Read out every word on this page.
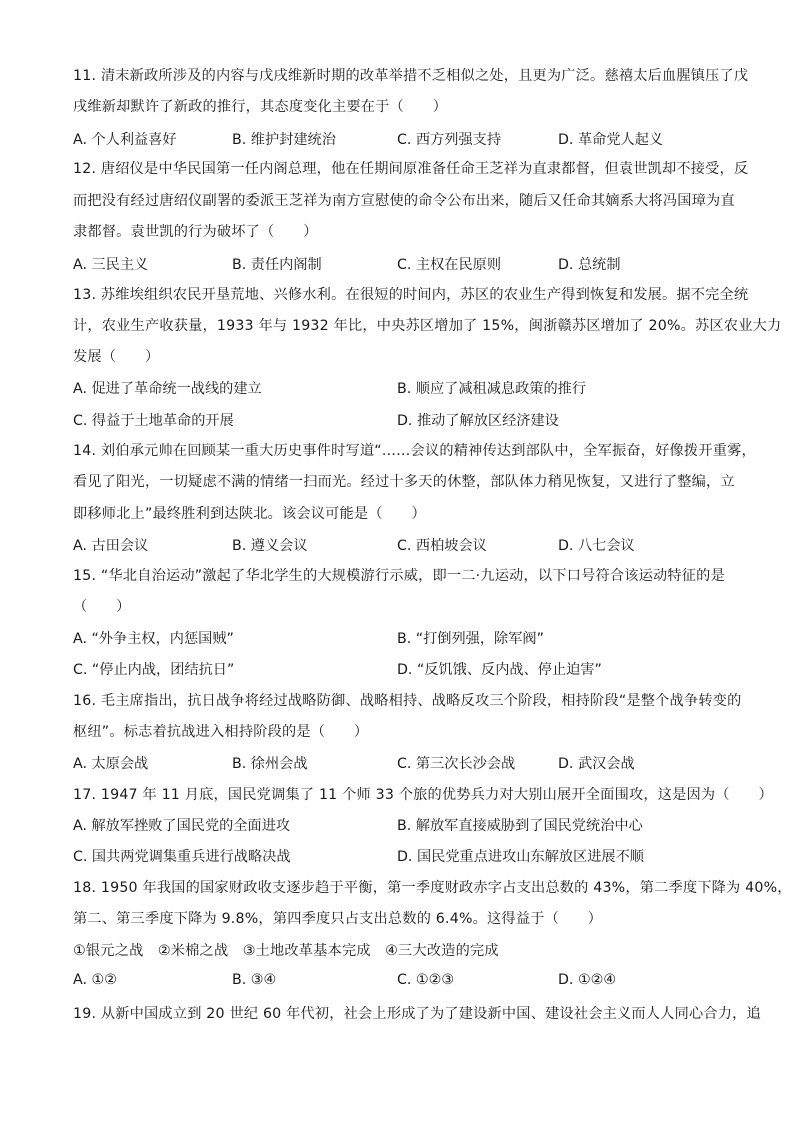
11. 清末新政所涉及的内容与戊戌维新时期的改革举措不乏相似之处，且更为广泛。慈禧太后血腥镇压了戊
戌维新却默许了新政的推行，其态度变化主要在于（　　）
A. 个人利益喜好	B. 维护封建统治	C. 西方列强支持	D. 革命党人起义
12. 唐绍仪是中华民国第一任内阁总理，他在任期间原准备任命王芝祥为直隶都督，但袁世凯却不接受，反
而把没有经过唐绍仪副署的委派王芝祥为南方宣慰使的命令公布出来，随后又任命其嫡系大将冯国璋为直
隶都督。袁世凯的行为破坏了（　　）
A. 三民主义	B. 责任内阁制	C. 主权在民原则	D. 总统制
13. 苏维埃组织农民开垦荒地、兴修水利。在很短的时间内，苏区的农业生产得到恢复和发展。据不完全统
计，农业生产收获量，1933 年与 1932 年比，中央苏区增加了 15%，闽浙赣苏区增加了 20%。苏区农业大力
发展（　　）
A. 促进了革命统一战线的建立	B. 顺应了减租减息政策的推行
C. 得益于土地革命的开展	D. 推动了解放区经济建设
14. 刘伯承元帅在回顾某一重大历史事件时写道“……会议的精神传达到部队中，全军振奋，好像拨开重雾，
看见了阳光，一切疑虑不满的情绪一扫而光。经过十多天的休整，部队体力稍见恢复，又进行了整编，立
即移师北上”最终胜利到达陕北。该会议可能是（　　）
A. 古田会议	B. 遵义会议	C. 西柏坡会议	D. 八七会议
15. “华北自治运动”激起了华北学生的大规模游行示威，即一二·九运动，以下口号符合该运动特征的是
（　　）
A. “外争主权，内惩国贼”	B. “打倒列强，除军阀”
C. “停止内战，团结抗日”	D. “反饥饿、反内战、停止迫害”
16. 毛主席指出，抗日战争将经过战略防御、战略相持、战略反攻三个阶段，相持阶段“是整个战争转变的
枢纽”。标志着抗战进入相持阶段的是（　　）
A. 太原会战	B. 徐州会战	C. 第三次长沙会战	D. 武汉会战
17. 1947 年 11 月底，国民党调集了 11 个师 33 个旅的优势兵力对大别山展开全面围攻，这是因为（　　）
A. 解放军挫败了国民党的全面进攻	B. 解放军直接威胁到了国民党统治中心
C. 国共两党调集重兵进行战略决战	D. 国民党重点进攻山东解放区进展不顺
18. 1950 年我国的国家财政收支逐步趋于平衡，第一季度财政赤字占支出总数的 43%，第二季度下降为 40%，
第二、第三季度下降为 9.8%，第四季度只占支出总数的 6.4%。这得益于（　　）
①银元之战　②米棉之战　③土地改革基本完成　④三大改造的完成
A. ①②	B. ③④	C. ①②③	D. ①②④
19. 从新中国成立到 20 世纪 60 年代初，社会上形成了为了建设新中国、建设社会主义而人人同心合力，追
